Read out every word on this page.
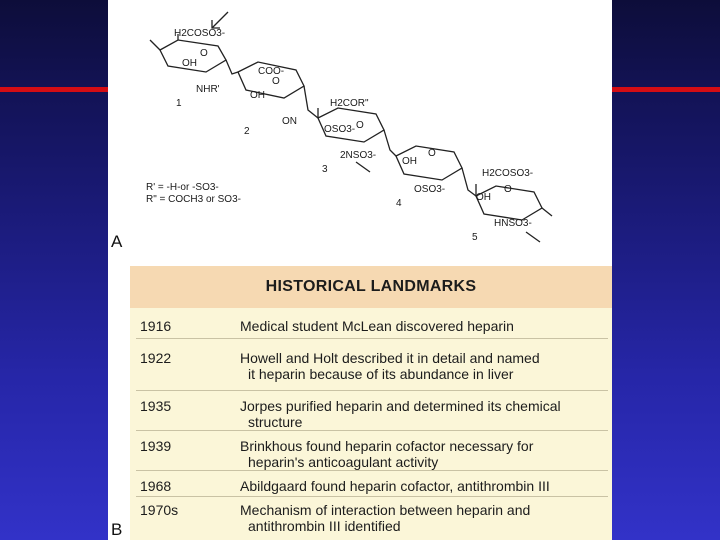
H2COSO3-
O
OH
NHR'
1
COO-
O
OH
ON
2
H2COR"
O
OSO3-
2NSO3-
3
O
OH
OSO3-
4
H2COSO3-
O
OH
HNSO3-
5
R' = -H-or -SO3-
R" = COCH3 or SO3-
A
HISTORICAL LANDMARKS
1916	Medical student McLean discovered heparin
1922	Howell and Holt described it in detail and named
it heparin because of its abundance in liver
1935	Jorpes purified heparin and determined its chemical
structure
1939	Brinkhous found heparin cofactor necessary for
heparin's anticoagulant activity
1968	Abildgaard found heparin cofactor, antithrombin III
1970s	Mechanism of interaction between heparin and
antithrombin III identified
B
